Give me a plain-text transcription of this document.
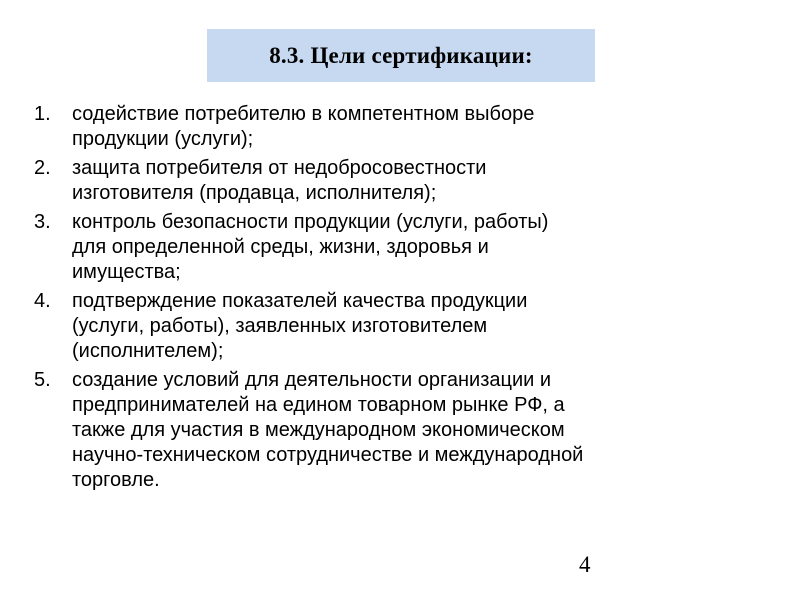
8.3. Цели сертификации:
1. содействие потребителю в компетентном выборе
продукции (услуги);
2. защита потребителя от недобросовестности
изготовителя (продавца, исполнителя);
3. контроль безопасности продукции (услуги, работы)
для определенной среды, жизни, здоровья и
имущества;
4. подтверждение показателей качества продукции
(услуги, работы), заявленных изготовителем
(исполнителем);
5. создание условий для деятельности организации и
предпринимателей на едином товарном рынке РФ, а
также для участия в международном экономическом
научно-техническом сотрудничестве и международной
торговле.
4
